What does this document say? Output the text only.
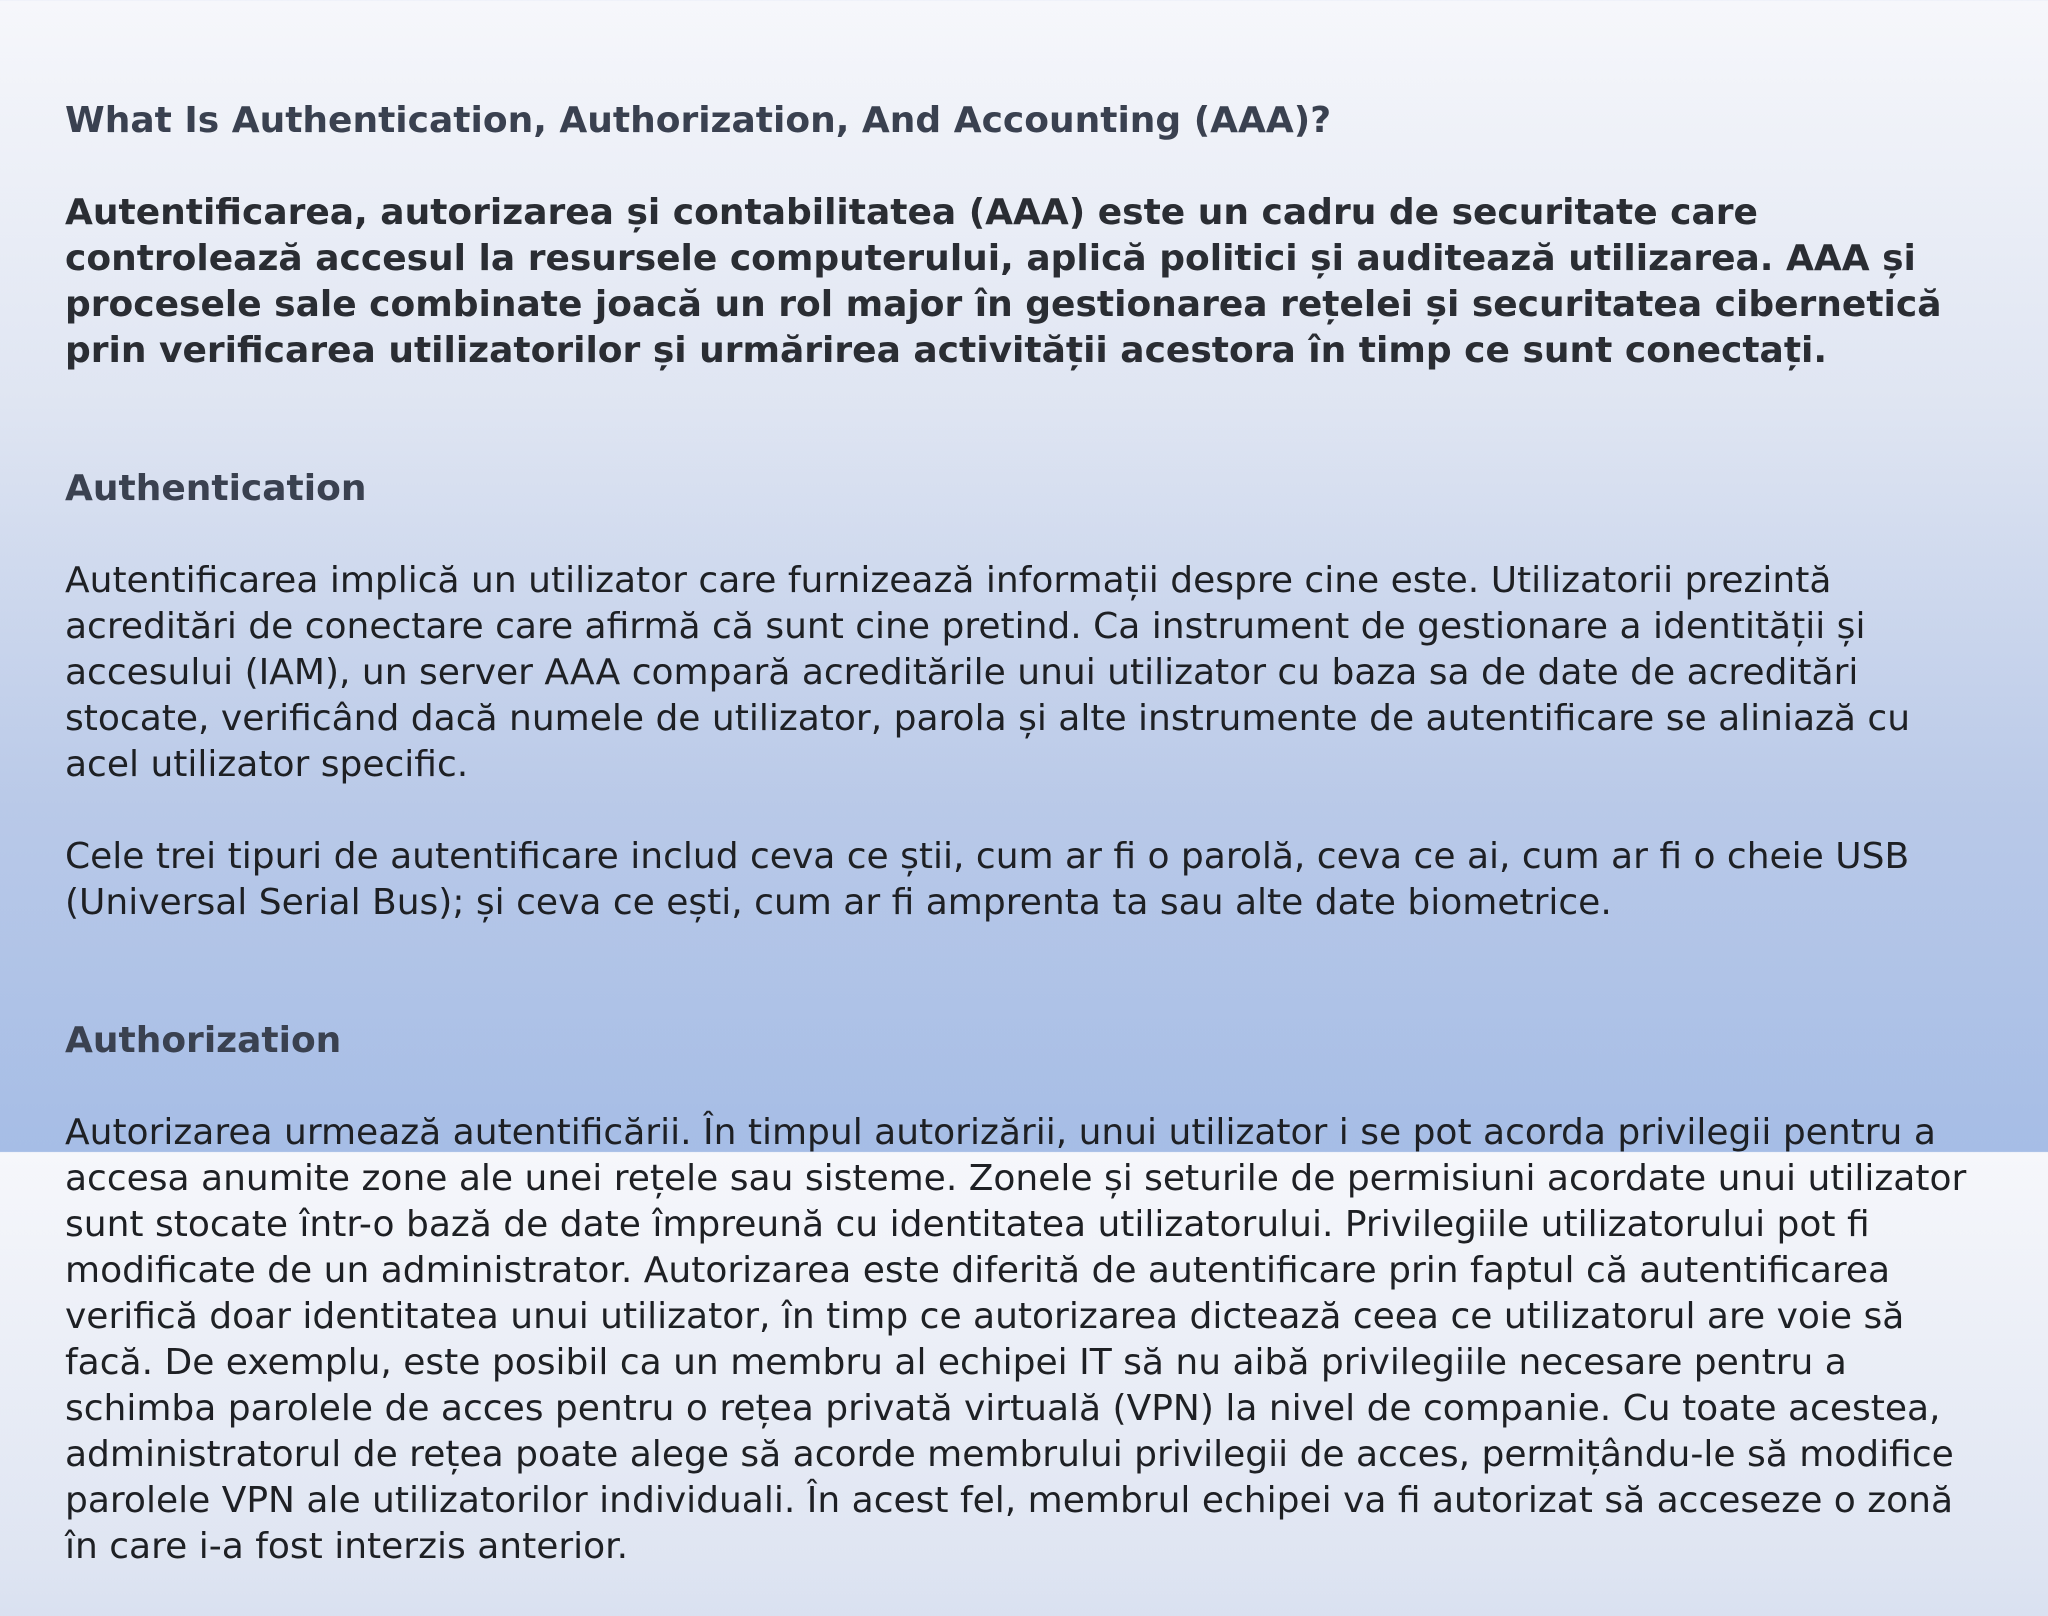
What Is Authentication, Authorization, And Accounting (AAA)?

Autentificarea, autorizarea și contabilitatea (AAA) este un cadru de securitate care controlează accesul la resursele computerului, aplică politici și auditează utilizarea. AAA și procesele sale combinate joacă un rol major în gestionarea rețelei și securitatea cibernetică prin verificarea utilizatorilor și urmărirea activității acestora în timp ce sunt conectați.

Authentication

Autentificarea implică un utilizator care furnizează informații despre cine este. Utilizatorii prezintă acreditări de conectare care afirmă că sunt cine pretind. Ca instrument de gestionare a identității și accesului (IAM), un server AAA compară acreditările unui utilizator cu baza sa de date de acreditări stocate, verificând dacă numele de utilizator, parola și alte instrumente de autentificare se aliniază cu acel utilizator specific.

Cele trei tipuri de autentificare includ ceva ce știi, cum ar fi o parolă, ceva ce ai, cum ar fi o cheie USB (Universal Serial Bus); și ceva ce ești, cum ar fi amprenta ta sau alte date biometrice.

Authorization

Autorizarea urmează autentificării. În timpul autorizării, unui utilizator i se pot acorda privilegii pentru a accesa anumite zone ale unei rețele sau sisteme. Zonele și seturile de permisiuni acordate unui utilizator sunt stocate într-o bază de date împreună cu identitatea utilizatorului. Privilegiile utilizatorului pot fi modificate de un administrator. Autorizarea este diferită de autentificare prin faptul că autentificarea verifică doar identitatea unui utilizator, în timp ce autorizarea dictează ceea ce utilizatorul are voie să facă. De exemplu, este posibil ca un membru al echipei IT să nu aibă privilegiile necesare pentru a schimba parolele de acces pentru o rețea privată virtuală (VPN) la nivel de companie. Cu toate acestea, administratorul de rețea poate alege să acorde membrului privilegii de acces, permițându-le să modifice parolele VPN ale utilizatorilor individuali. În acest fel, membrul echipei va fi autorizat să acceseze o zonă în care i-a fost interzis anterior.
